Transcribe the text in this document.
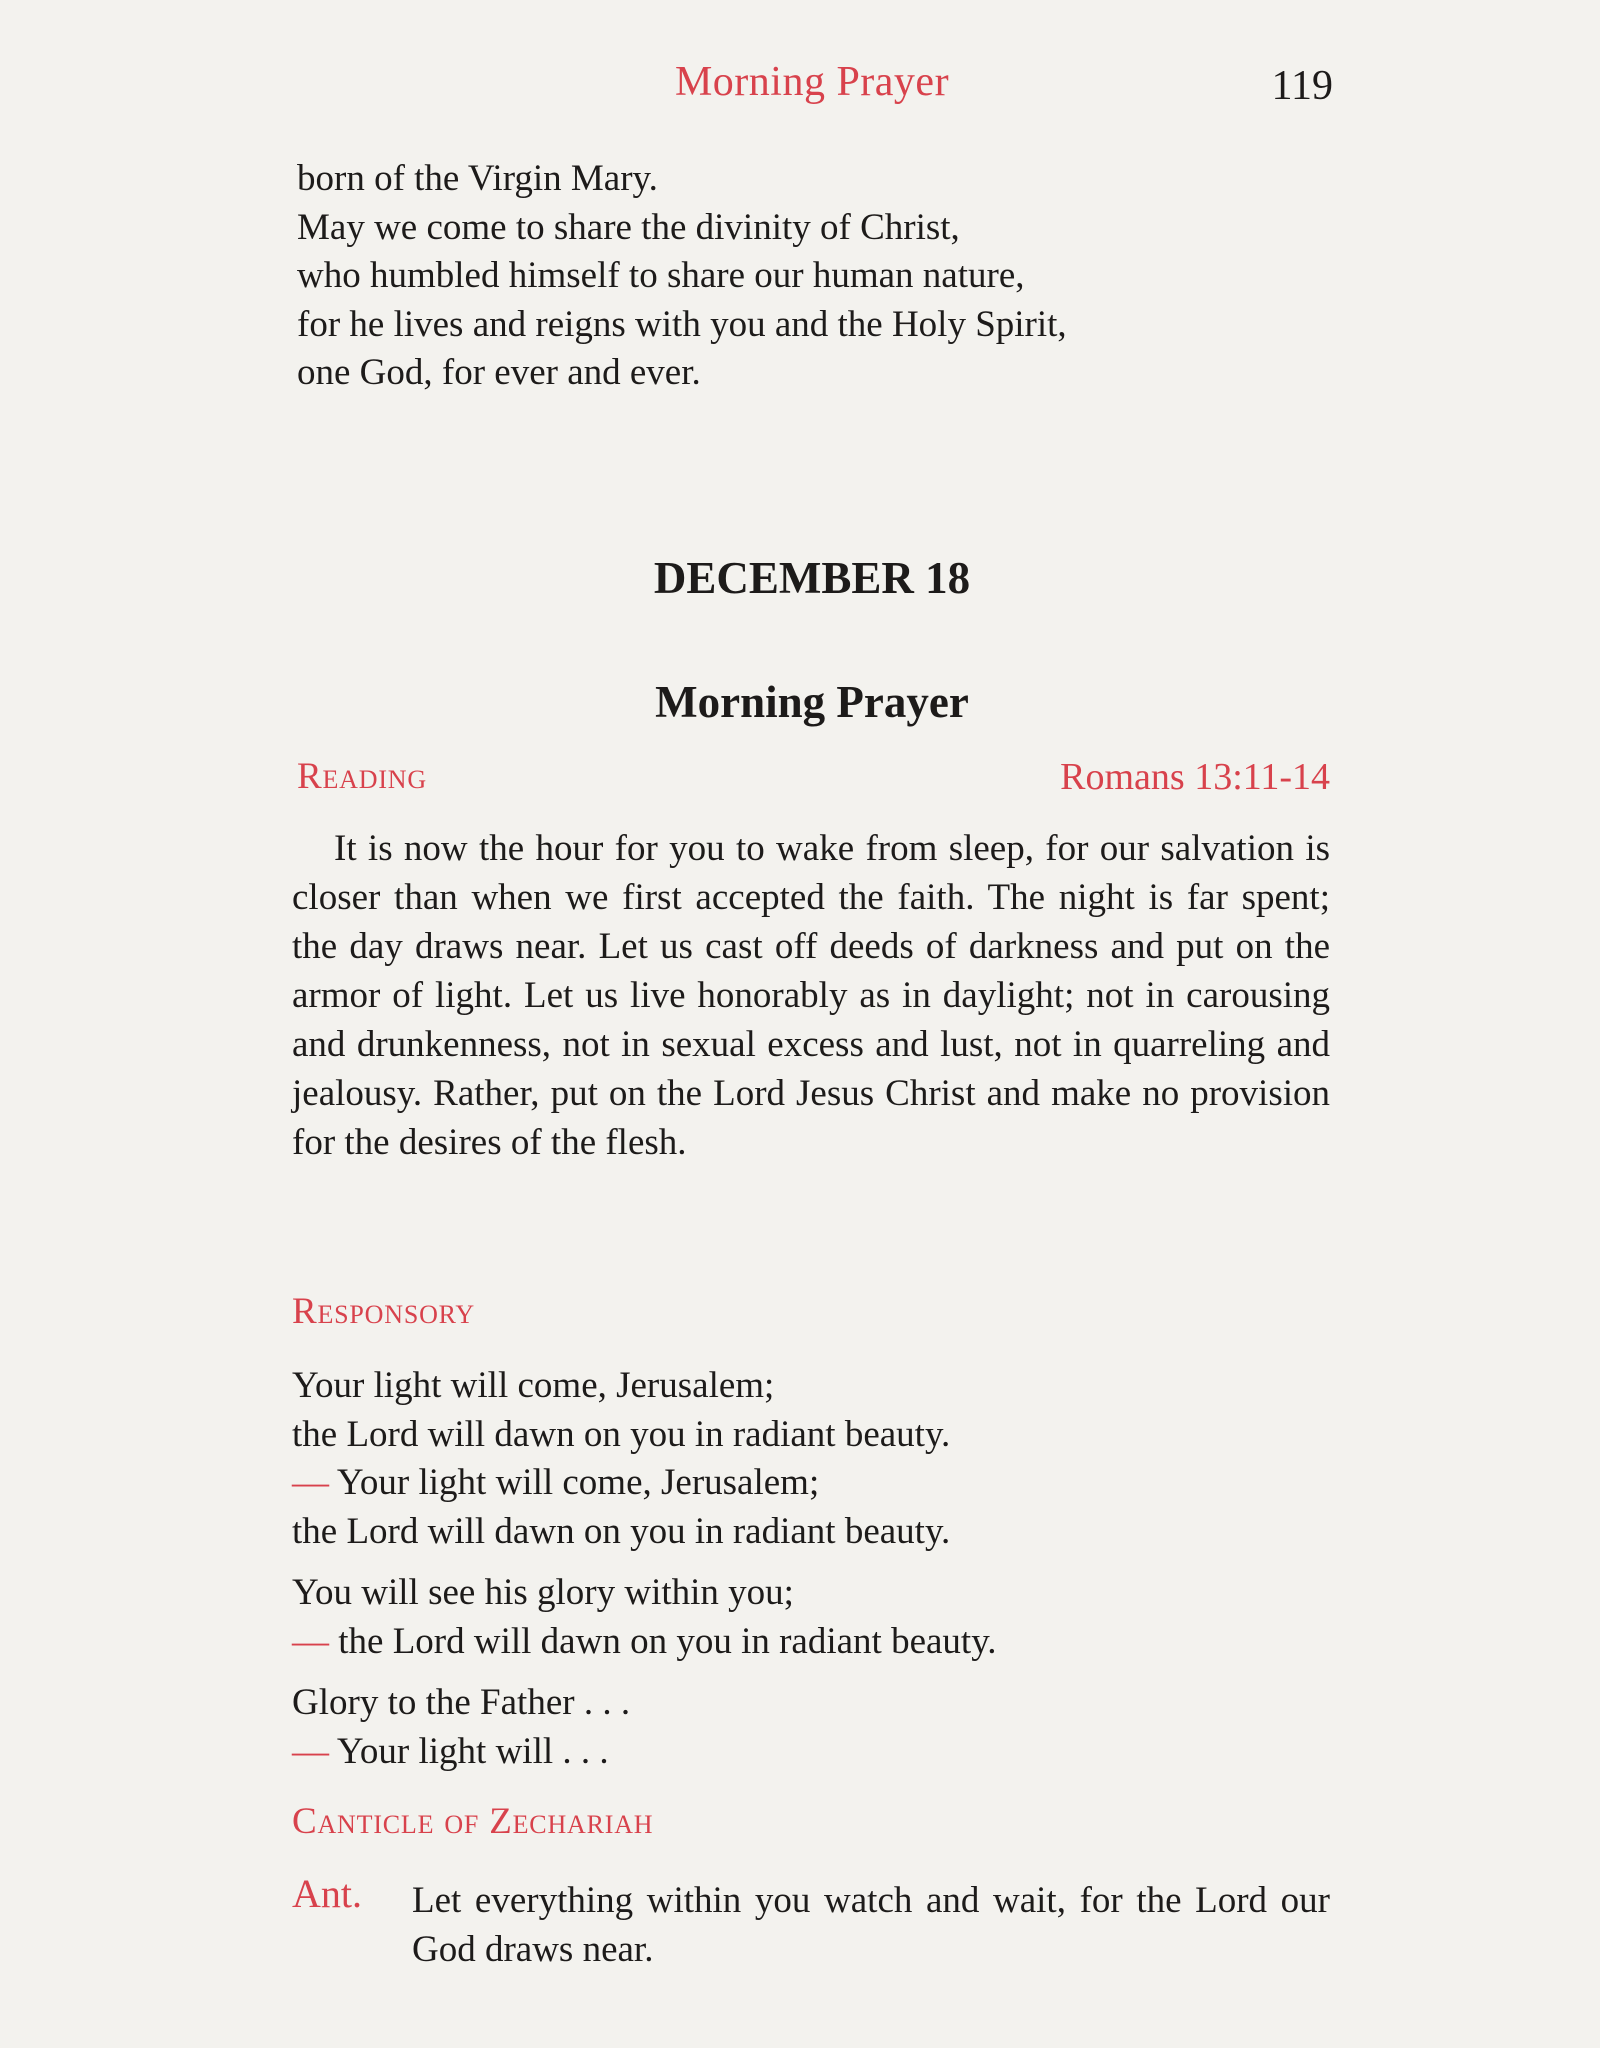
Morning Prayer	119
born of the Virgin Mary.
May we come to share the divinity of Christ,
who humbled himself to share our human nature,
for he lives and reigns with you and the Holy Spirit,
one God, for ever and ever.
DECEMBER 18
Morning Prayer
Reading	Romans 13:11-14

It is now the hour for you to wake from sleep, for our salvation is closer than when we first accepted the faith. The night is far spent; the day draws near. Let us cast off deeds of darkness and put on the armor of light. Let us live honorably as in daylight; not in carousing and drunkenness, not in sexual excess and lust, not in quarreling and jealousy. Rather, put on the Lord Jesus Christ and make no provision for the desires of the flesh.

Responsory
Your light will come, Jerusalem;
the Lord will dawn on you in radiant beauty.
— Your light will come, Jerusalem;
the Lord will dawn on you in radiant beauty.
You will see his glory within you;
— the Lord will dawn on you in radiant beauty.
Glory to the Father . . .
— Your light will . . .
Canticle of Zechariah
Ant. Let everything within you watch and wait, for the Lord our God draws near.
